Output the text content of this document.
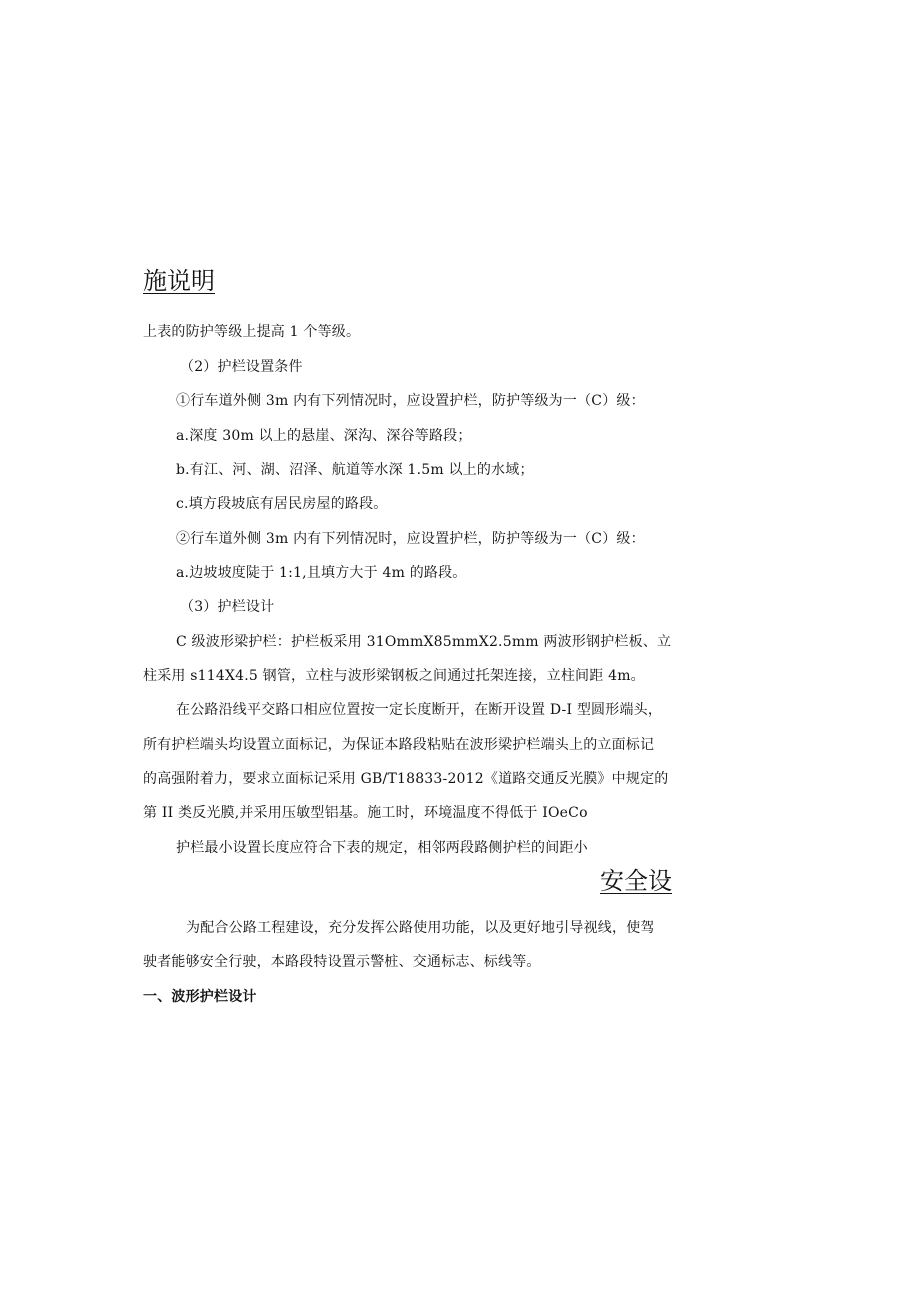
施说明
上表的防护等级上提高 1 个等级。
（2）护栏设置条件
①行车道外侧 3m 内有下列情况时，应设置护栏，防护等级为一（C）级：
a.深度 30m 以上的悬崖、深沟、深谷等路段；
b.有江、河、湖、沼泽、航道等水深 1.5m 以上的水域；
c.填方段坡底有居民房屋的路段。
②行车道外侧 3m 内有下列情况时，应设置护栏，防护等级为一（C）级：
a.边坡坡度陡于 1:1,且填方大于 4m 的路段。
（3）护栏设计
C 级波形梁护栏：护栏板采用 31OmmX85mmX2.5mm 两波形钢护栏板、立
柱采用 s114X4.5 钢管，立柱与波形梁钢板之间通过托架连接，立柱间距 4m。
在公路沿线平交路口相应位置按一定长度断开，在断开设置 D-I 型圆形端头，
所有护栏端头均设置立面标记，为保证本路段粘贴在波形梁护栏端头上的立面标记
的高强附着力，要求立面标记采用 GB/T18833-2012《道路交通反光膜》中规定的
第 II 类反光膜,并采用压敏型铝基。施工时，环境温度不得低于 IOeCo
护栏最小设置长度应符合下表的规定，相邻两段路侧护栏的间距小
安全设
为配合公路工程建设，充分发挥公路使用功能，以及更好地引导视线，使驾
驶者能够安全行驶，本路段特设置示警桩、交通标志、标线等。
一、波形护栏设计
